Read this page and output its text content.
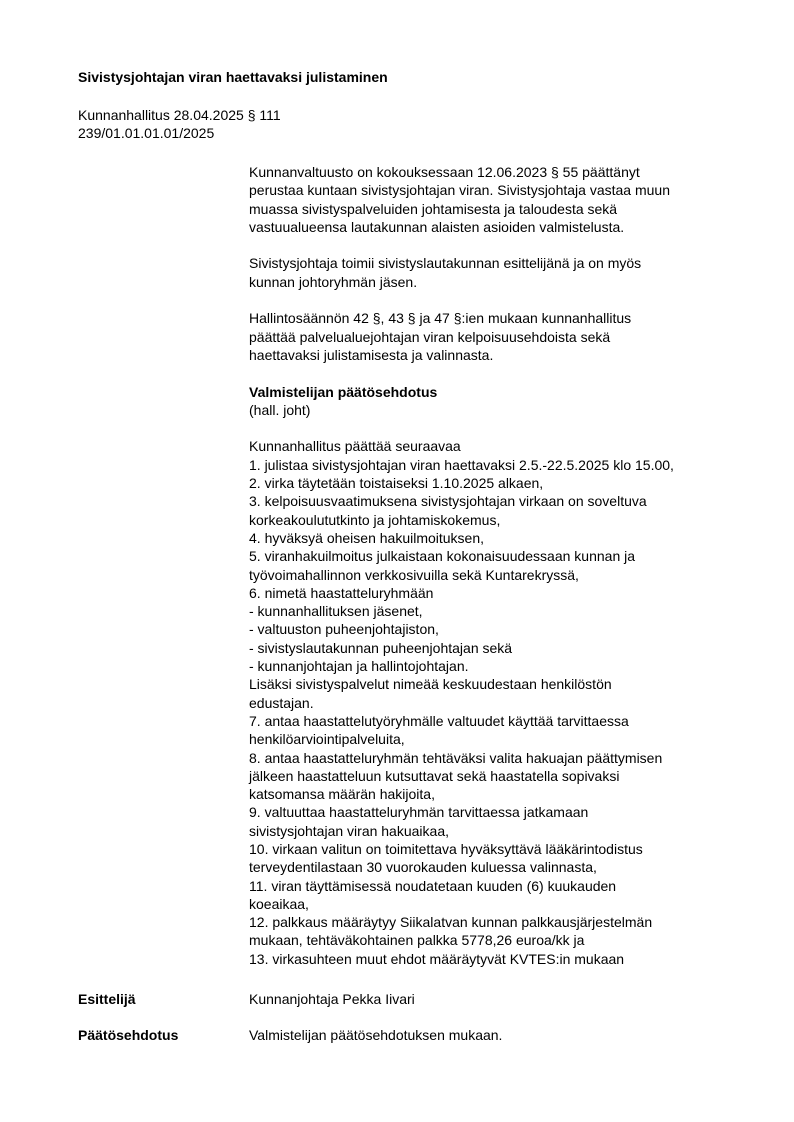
Sivistysjohtajan viran haettavaksi julistaminen
Kunnanhallitus 28.04.2025 § 111
239/01.01.01.01/2025
Kunnanvaltuusto on kokouksessaan 12.06.2023 § 55 päättänyt
perustaa kuntaan sivistysjohtajan viran. Sivistysjohtaja vastaa muun
muassa sivistyspalveluiden johtamisesta ja taloudesta sekä
vastuualueensa lautakunnan alaisten asioiden valmistelusta.
Sivistysjohtaja toimii sivistyslautakunnan esittelijänä ja on myös
kunnan johtoryhmän jäsen.
Hallintosäännön 42 §, 43 § ja 47 §:ien mukaan kunnanhallitus
päättää palvelualuejohtajan viran kelpoisuusehdoista sekä
haettavaksi julistamisesta ja valinnasta.
Valmistelijan päätösehdotus
(hall. joht)
Kunnanhallitus päättää seuraavaa
1. julistaa sivistysjohtajan viran haettavaksi 2.5.-22.5.2025 klo 15.00,
2. virka täytetään toistaiseksi 1.10.2025 alkaen,
3. kelpoisuusvaatimuksena sivistysjohtajan virkaan on soveltuva
korkeakoulututkinto ja johtamiskokemus,
4. hyväksyä oheisen hakuilmoituksen,
5. viranhakuilmoitus julkaistaan kokonaisuudessaan kunnan ja
työvoimahallinnon verkkosivuilla sekä Kuntarekryssä,
6. nimetä haastatteluryhmään
- kunnanhallituksen jäsenet,
- valtuuston puheenjohtajiston,
- sivistyslautakunnan puheenjohtajan sekä
- kunnanjohtajan ja hallintojohtajan.
Lisäksi sivistyspalvelut nimeää keskuudestaan henkilöstön
edustajan.
7. antaa haastattelutyöryhmälle valtuudet käyttää tarvittaessa
henkilöarviointipalveluita,
8. antaa haastatteluryhmän tehtäväksi valita hakuajan päättymisen
jälkeen haastatteluun kutsuttavat sekä haastatella sopivaksi
katsomansa määrän hakijoita,
9. valtuuttaa haastatteluryhmän tarvittaessa jatkamaan
sivistysjohtajan viran hakuaikaa,
10. virkaan valitun on toimitettava hyväksyttävä lääkärintodistus
terveydentilastaan 30 vuorokauden kuluessa valinnasta,
11. viran täyttämisessä noudatetaan kuuden (6) kuukauden
koeaikaa,
12. palkkaus määräytyy Siikalatvan kunnan palkkausjärjestelmän
mukaan, tehtäväkohtainen palkka 5778,26 euroa/kk ja
13. virkasuhteen muut ehdot määräytyvät KVTES:in mukaan
Esittelijä	Kunnanjohtaja Pekka Iivari
Päätösehdotus	Valmistelijan päätösehdotuksen mukaan.
